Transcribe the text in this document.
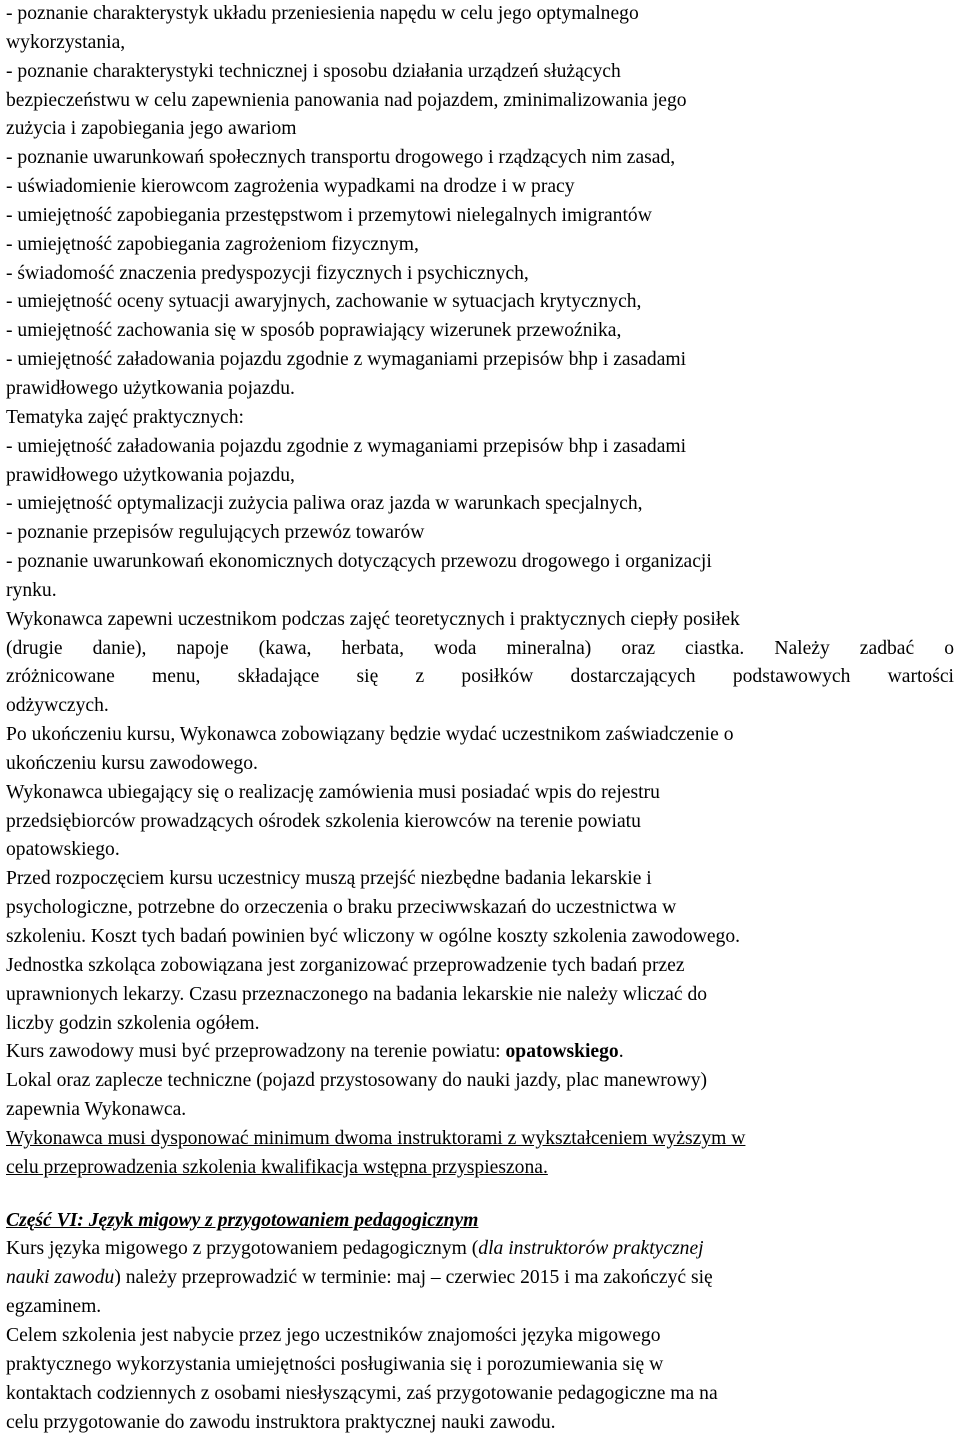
- poznanie charakterystyk układu przeniesienia napędu w celu jego optymalnego
wykorzystania,
- poznanie charakterystyki technicznej i sposobu działania urządzeń służących
bezpieczeństwu w celu zapewnienia panowania nad pojazdem, zminimalizowania jego
zużycia i zapobiegania jego awariom
- poznanie uwarunkowań społecznych transportu drogowego i rządzących nim zasad,
- uświadomienie kierowcom zagrożenia wypadkami na drodze i w pracy
- umiejętność zapobiegania przestępstwom i przemytowi nielegalnych imigrantów
- umiejętność zapobiegania zagrożeniom fizycznym,
- świadomość znaczenia predyspozycji fizycznych i psychicznych,
- umiejętność oceny sytuacji awaryjnych, zachowanie w sytuacjach krytycznych,
- umiejętność zachowania się w sposób poprawiający wizerunek przewoźnika,
- umiejętność załadowania pojazdu zgodnie z wymaganiami przepisów bhp i zasadami
prawidłowego użytkowania pojazdu.
Tematyka zajęć praktycznych:
- umiejętność załadowania pojazdu zgodnie z wymaganiami przepisów bhp i zasadami
prawidłowego użytkowania pojazdu,
- umiejętność optymalizacji zużycia paliwa oraz jazda w warunkach specjalnych,
- poznanie przepisów regulujących przewóz towarów
- poznanie uwarunkowań ekonomicznych dotyczących przewozu drogowego i organizacji
rynku.
Wykonawca zapewni uczestnikom podczas zajęć teoretycznych i praktycznych ciepły posiłek
(drugie danie), napoje (kawa, herbata, woda mineralna) oraz ciastka. Należy zadbać o
zróżnicowane menu, składające się z posiłków dostarczających podstawowych wartości
odżywczych.
Po ukończeniu kursu, Wykonawca zobowiązany będzie wydać uczestnikom zaświadczenie o
ukończeniu kursu zawodowego.
Wykonawca ubiegający się o realizację zamówienia musi posiadać wpis do rejestru
przedsiębiorców prowadzących ośrodek szkolenia kierowców na terenie powiatu
opatowskiego.
Przed rozpoczęciem kursu uczestnicy muszą przejść niezbędne badania lekarskie i
psychologiczne, potrzebne do orzeczenia o braku przeciwwskazań do uczestnictwa w
szkoleniu. Koszt tych badań powinien być wliczony w ogólne koszty szkolenia zawodowego.
Jednostka szkoląca zobowiązana jest zorganizować przeprowadzenie tych badań przez
uprawnionych lekarzy. Czasu przeznaczonego na badania lekarskie nie należy wliczać do
liczby godzin szkolenia ogółem.
Kurs zawodowy musi być przeprowadzony na terenie powiatu: opatowskiego.
Lokal oraz zaplecze techniczne (pojazd przystosowany do nauki jazdy, plac manewrowy)
zapewnia Wykonawca.
Wykonawca musi dysponować minimum dwoma instruktorami z wykształceniem wyższym w
celu przeprowadzenia szkolenia kwalifikacja wstępna przyspieszona.
Część VI: Język migowy z przygotowaniem pedagogicznym
Kurs języka migowego z przygotowaniem pedagogicznym (dla instruktorów praktycznej
nauki zawodu) należy przeprowadzić w terminie: maj – czerwiec 2015 i ma zakończyć się
egzaminem.
Celem szkolenia jest nabycie przez jego uczestników znajomości języka migowego
praktycznego wykorzystania umiejętności posługiwania się i porozumiewania się w
kontaktach codziennych z osobami niesłyszącymi, zaś przygotowanie pedagogiczne ma na
celu przygotowanie do zawodu instruktora praktycznej nauki zawodu.
